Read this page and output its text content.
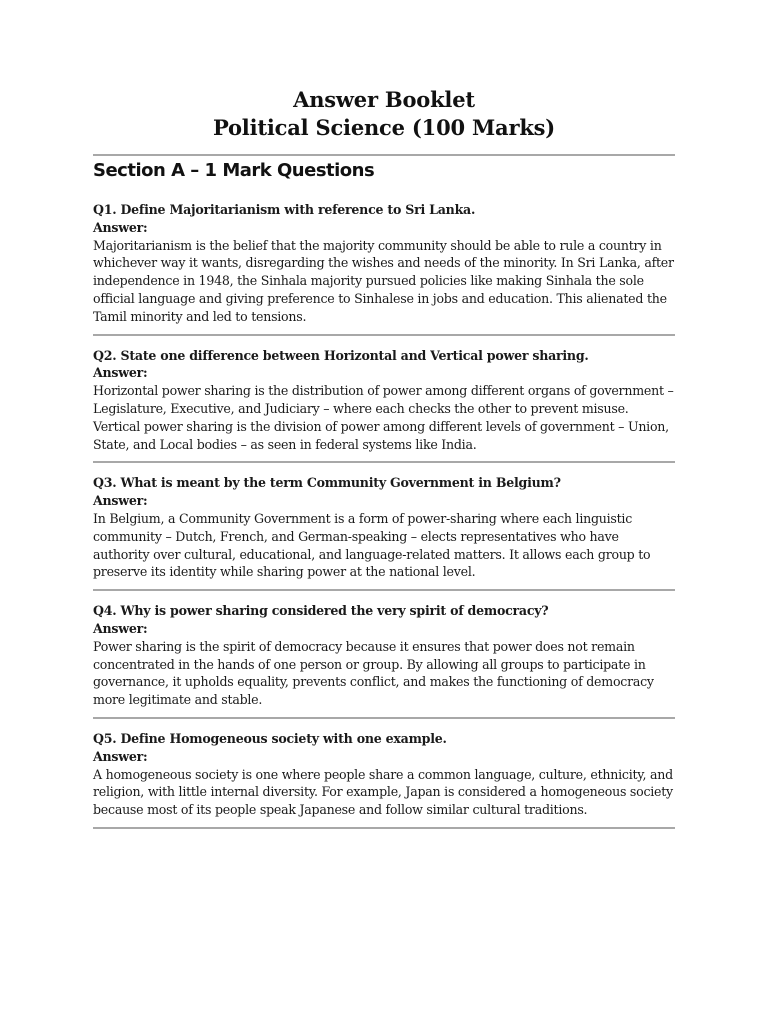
Answer Booklet
Political Science (100 Marks)
Section A – 1 Mark Questions

Q1. Define Majoritarianism with reference to Sri Lanka.

Answer:

Majoritarianism is the belief that the majority community should be able to rule a country in whichever way it wants, disregarding the wishes and needs of the minority. In Sri Lanka, after independence in 1948, the Sinhala majority pursued policies like making Sinhala the sole official language and giving preference to Sinhalese in jobs and education. This alienated the Tamil minority and led to tensions.

Q2. State one difference between Horizontal and Vertical power sharing.

Answer:

Horizontal power sharing is the distribution of power among different organs of government – Legislature, Executive, and Judiciary – where each checks the other to prevent misuse.

Vertical power sharing is the division of power among different levels of government – Union, State, and Local bodies – as seen in federal systems like India.

Q3. What is meant by the term Community Government in Belgium?

Answer:

In Belgium, a Community Government is a form of power-sharing where each linguistic community – Dutch, French, and German-speaking – elects representatives who have authority over cultural, educational, and language-related matters. It allows each group to preserve its identity while sharing power at the national level.

Q4. Why is power sharing considered the very spirit of democracy?

Answer:

Power sharing is the spirit of democracy because it ensures that power does not remain concentrated in the hands of one person or group. By allowing all groups to participate in governance, it upholds equality, prevents conflict, and makes the functioning of democracy more legitimate and stable.

Q5. Define Homogeneous society with one example.

Answer:

A homogeneous society is one where people share a common language, culture, ethnicity, and religion, with little internal diversity. For example, Japan is considered a homogeneous society because most of its people speak Japanese and follow similar cultural traditions.
